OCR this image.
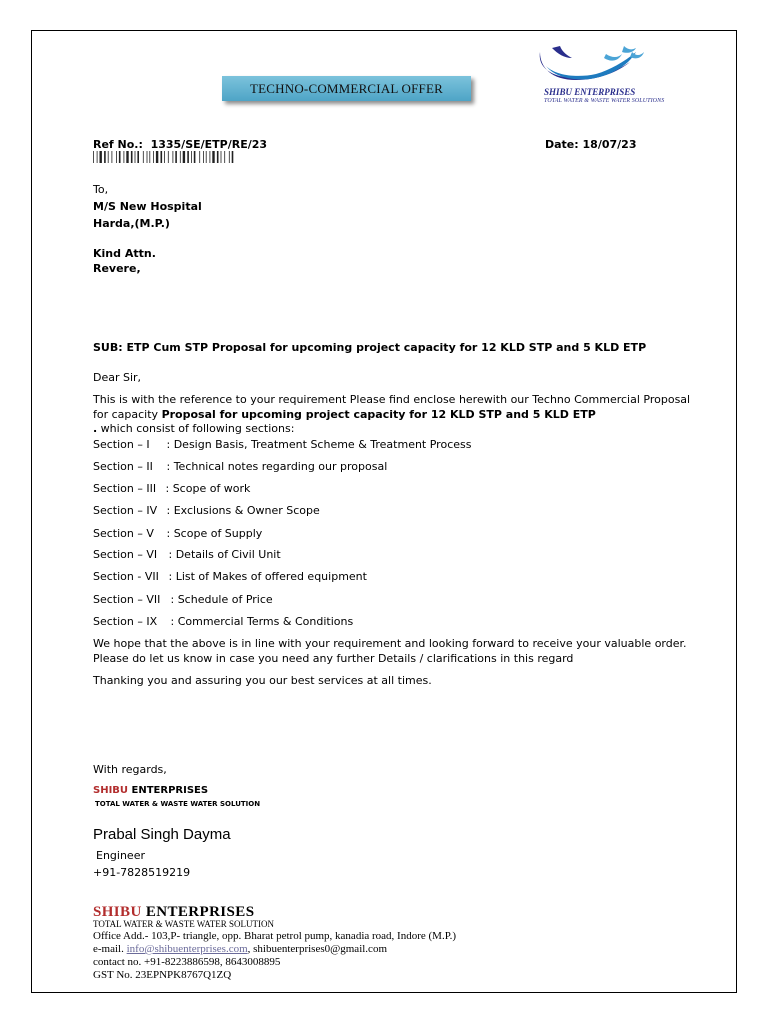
TECHNO-COMMERCIAL OFFER	SHIBU ENTERPRISES
TOTAL WATER & WASTE WATER SOLUTIONS
Ref No.: 1335/SE/ETP/RE/23	Date: 18/07/23
To,
M/S New Hospital
Harda,(M.P.)
Kind Attn.
Revere,
SUB: ETP Cum STP Proposal for upcoming project capacity for 12 KLD STP and 5 KLD ETP
Dear Sir,
This is with the reference to your requirement Please find enclose herewith our Techno Commercial Proposal
for capacity Proposal for upcoming project capacity for 12 KLD STP and 5 KLD ETP
. which consist of following sections:
Section – I : Design Basis, Treatment Scheme & Treatment Process
Section – II : Technical notes regarding our proposal
Section – III : Scope of work
Section – IV : Exclusions & Owner Scope
Section – V : Scope of Supply
Section – VI : Details of Civil Unit
Section - VII : List of Makes of offered equipment
Section – VII : Schedule of Price
Section – IX : Commercial Terms & Conditions
We hope that the above is in line with your requirement and looking forward to receive your valuable order.
Please do let us know in case you need any further Details / clarifications in this regard
Thanking you and assuring you our best services at all times.
With regards,
SHIBU ENTERPRISES
TOTAL WATER & WASTE WATER SOLUTION
Prabal Singh Dayma
Engineer
+91-7828519219
SHIBU ENTERPRISES
TOTAL WATER & WASTE WATER SOLUTION
Office Add.- 103,P- triangle, opp. Bharat petrol pump, kanadia road, Indore (M.P.)
e-mail. info@shibuenterprises.com, shibuenterprises0@gmail.com
contact no. +91-8223886598, 8643008895
GST No. 23EPNPK8767Q1ZQ
